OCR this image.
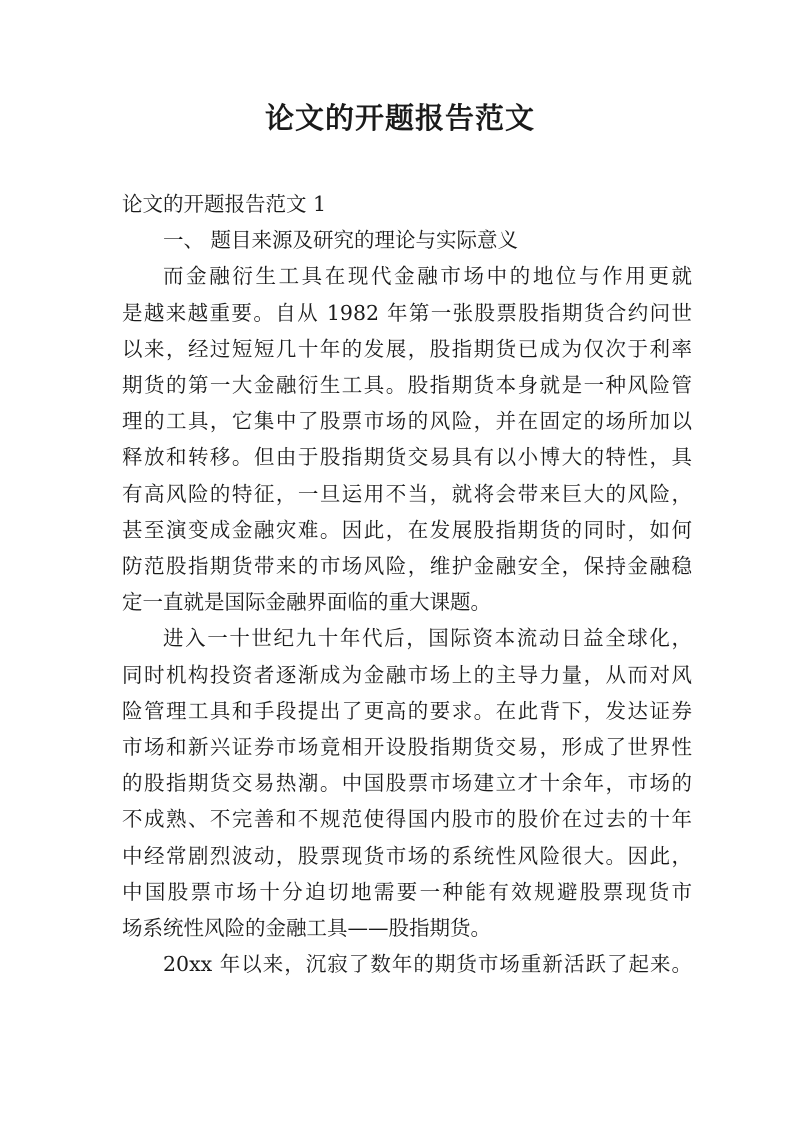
论文的开题报告范文
论文的开题报告范文 1
一、 题目来源及研究的理论与实际意义
而金融衍生工具在现代金融市场中的地位与作用更就
是越来越重要。自从 1982 年第一张股票股指期货合约问世
以来，经过短短几十年的发展，股指期货已成为仅次于利率
期货的第一大金融衍生工具。股指期货本身就是一种风险管
理的工具，它集中了股票市场的风险，并在固定的场所加以
释放和转移。但由于股指期货交易具有以小博大的特性，具
有高风险的特征，一旦运用不当，就将会带来巨大的风险，
甚至演变成金融灾难。因此，在发展股指期货的同时，如何
防范股指期货带来的市场风险，维护金融安全，保持金融稳
定一直就是国际金融界面临的重大课题。
进入一十世纪九十年代后，国际资本流动日益全球化，
同时机构投资者逐渐成为金融市场上的主导力量，从而对风
险管理工具和手段提出了更高的要求。在此背下，发达证券
市场和新兴证券市场竟相开设股指期货交易，形成了世界性
的股指期货交易热潮。中国股票市场建立才十余年，市场的
不成熟、不完善和不规范使得国内股市的股价在过去的十年
中经常剧烈波动，股票现货市场的系统性风险很大。因此，
中国股票市场十分迫切地需要一种能有效规避股票现货市
场系统性风险的金融工具——股指期货。
20xx 年以来，沉寂了数年的期货市场重新活跃了起来。
